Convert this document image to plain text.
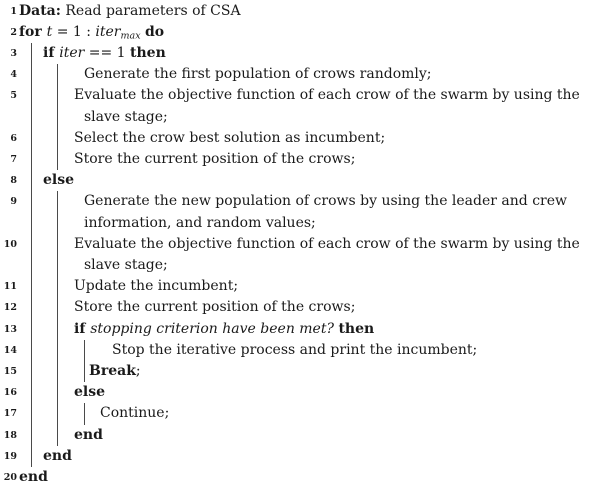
1 Data: Read parameters of CSA
2 for t = 1 : iter$_{max}$ do
3 if iter == 1 then
4	Generate the first population of crows randomly;
5	Evaluate the objective function of each crow of the swarm by using the
slave stage;
6	Select the crow best solution as incumbent;
7	Store the current position of the crows;
8 else
9	Generate the new population of crows by using the leader and crew
information, and random values;
10	Evaluate the objective function of each crow of the swarm by using the
slave stage;
11	Update the incumbent;
12	Store the current position of the crows;
13	if stopping criterion have been met? then
14	Stop the iterative process and print the incumbent;
15	Break;
16	else
17	Continue;
18	end
19 end
20 end
